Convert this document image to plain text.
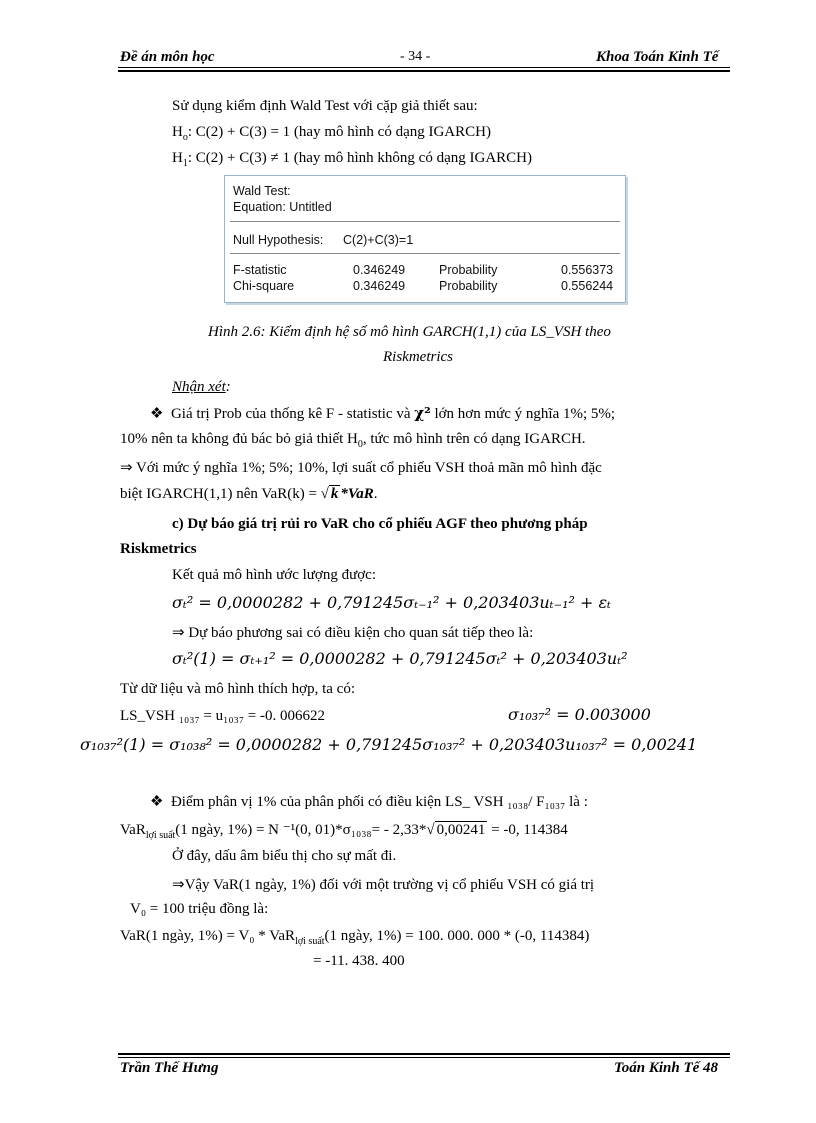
Đề án môn học	- 34 -	Khoa Toán Kinh Tế
Sử dụng kiểm định Wald Test với cặp giả thiết sau:
$H_o$: C(2) + C(3) = 1 (hay mô hình có dạng IGARCH)
$H_1$: C(2) + C(3) ≠ 1 (hay mô hình không có dạng IGARCH)
Wald Test:
Equation: Untitled
Null Hypothesis: C(2)+C(3)=1
F-statistic	0.346249	Probability	0.556373
Chi-square	0.346249	Probability	0.556244
Hình 2.6: Kiểm định hệ số mô hình GARCH(1,1) của LS_VSH theo
Riskmetrics
Nhận xét:
❖  Giá trị Prob của thống kê F - statistic và χ² lớn hơn mức ý nghĩa 1%; 5%;
10% nên ta không đủ bác bỏ giả thiết $H_0$, tức mô hình trên có dạng IGARCH.
⇒ Với mức ý nghĩa 1%; 5%; 10%, lợi suất cổ phiếu VSH thoả mãn mô hình đặc
biệt IGARCH(1,1) nên VaR(k) = √ k *VaR.
c) Dự báo giá trị rủi ro VaR cho cổ phiếu AGF theo phương pháp
Riskmetrics
Kết quả mô hình ước lượng được:
σₜ² = 0,0000282 + 0,791245σₜ₋₁² + 0,203403uₜ₋₁² + εₜ
⇒ Dự báo phương sai có điều kiện cho quan sát tiếp theo là:
σₜ²(1) = σₜ₊₁² = 0,0000282 + 0,791245σₜ² + 0,203403uₜ²
Từ dữ liệu và mô hình thích hợp, ta có:
LS_VSH ₁₀₃₇ = u₁₀₃₇ = -0. 006622	σ₁₀₃₇² = 0.003000
σ₁₀₃₇²(1) = σ₁₀₃₈² = 0,0000282 + 0,791245σ₁₀₃₇² + 0,203403u₁₀₃₇² = 0,00241
❖  Điểm phân vị 1% của phân phối có điều kiện LS_ VSH ₁₀₃₈/ F₁₀₃₇ là :
VaR$_{lợi suất}$(1 ngày, 1%) = N ⁻¹(0, 01)*σ₁₀₃₈= - 2,33*√ 0,00241 = -0, 114384
Ở đây, dấu âm biểu thị cho sự mất đi.
⇒Vậy VaR(1 ngày, 1%) đối với một trường vị cổ phiếu VSH có giá trị
V₀ = 100 triệu đồng là:
VaR(1 ngày, 1%) = V₀ * VaR$_{lợi suất}$(1 ngày, 1%) = 100. 000. 000 * (-0, 114384)
= -11. 438. 400
Trần Thế Hưng	Toán Kinh Tế 48
